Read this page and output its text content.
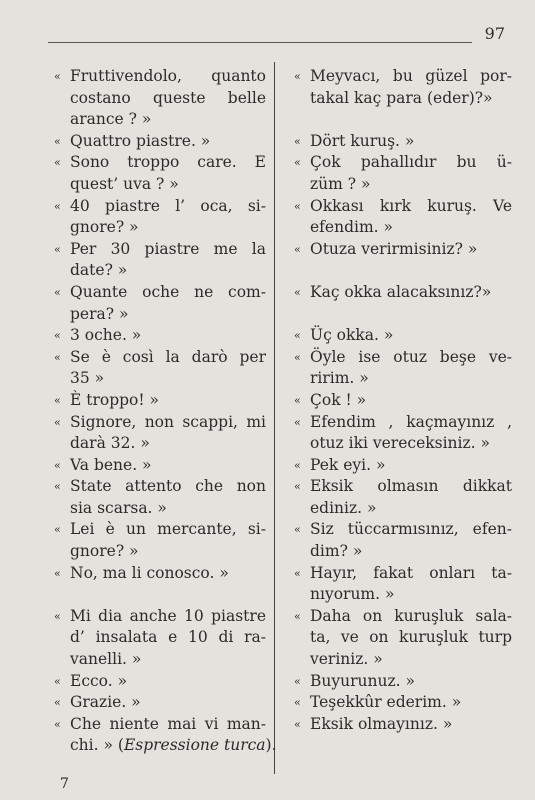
97
« Fruttivendolo, quanto
costano queste belle
arance ? »
« Quattro piastre. »
« Sono troppo care. E
quest’ uva ? »
« 40 piastre l’ oca, si-
gnore? »
« Per 30 piastre me la
date? »
« Quante oche ne com-
pera? »
« 3 oche. »
« Se è così la darò per
35 »
« È troppo! »
« Signore, non scappi, mi
darà 32. »
« Va bene. »
« State attento che non
sia scarsa. »
« Lei è un mercante, si-
gnore? »
« No, ma li conosco. »
« Mi dia anche 10 piastre
d’ insalata e 10 di ra-
vanelli. »
« Ecco. »
« Grazie. »
« Che niente mai vi man-
chi. » (Espressione turca).
« Meyvacı, bu güzel por-
takal kaç para (eder)?»
« Dört kuruş. »
« Çok pahallıdır bu ü-
züm ? »
« Okkası kırk kuruş. Ve
efendim. »
« Otuza verirmisiniz? »
« Kaç okka alacaksınız?»
« Üç okka. »
« Öyle ise otuz beşe ve-
ririm. »
« Çok ! »
« Efendim , kaçmayınız ,
otuz iki vereceksiniz. »
« Pek eyi. »
« Eksik olmasın dikkat
ediniz. »
« Siz tüccarmısınız, efen-
dim? »
« Hayır, fakat onları ta-
nıyorum. »
« Daha on kuruşluk sala-
ta, ve on kuruşluk turp
veriniz. »
« Buyurunuz. »
« Teşekkûr ederim. »
« Eksik olmayınız. »
7
